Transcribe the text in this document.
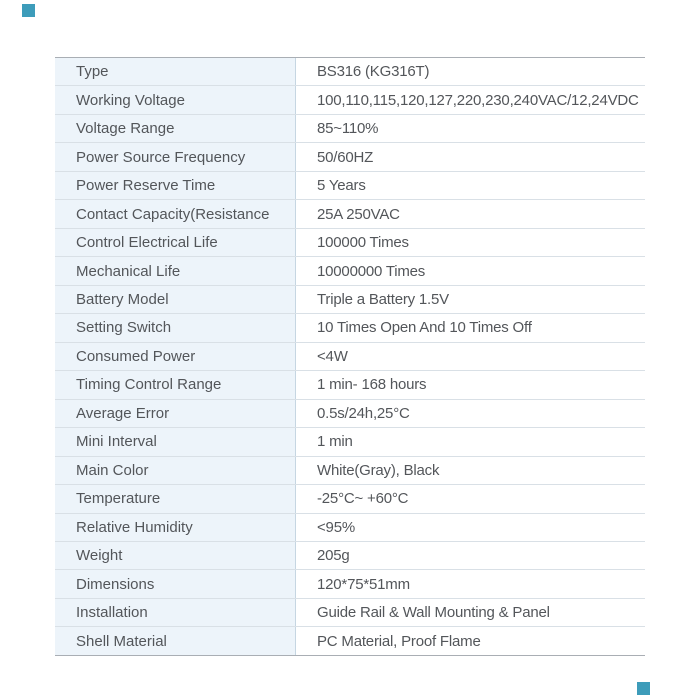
Type	BS316 (KG316T)
Working Voltage	100,110,115,120,127,220,230,240VAC/12,24VDC
Voltage Range	85~110%
Power Source Frequency	50/60HZ
Power Reserve Time	5 Years
Contact Capacity(Resistance	25A 250VAC
Control Electrical Life	100000 Times
Mechanical Life	10000000 Times
Battery Model	Triple a Battery 1.5V
Setting Switch	10 Times Open And 10 Times Off
Consumed Power	<4W
Timing Control Range	1 min- 168 hours
Average Error	0.5s/24h,25°C
Mini Interval	1 min
Main Color	White(Gray), Black
Temperature	-25°C~ +60°C
Relative Humidity	<95%
Weight	205g
Dimensions	120*75*51mm
Installation	Guide Rail & Wall Mounting & Panel
Shell Material	PC Material, Proof Flame
